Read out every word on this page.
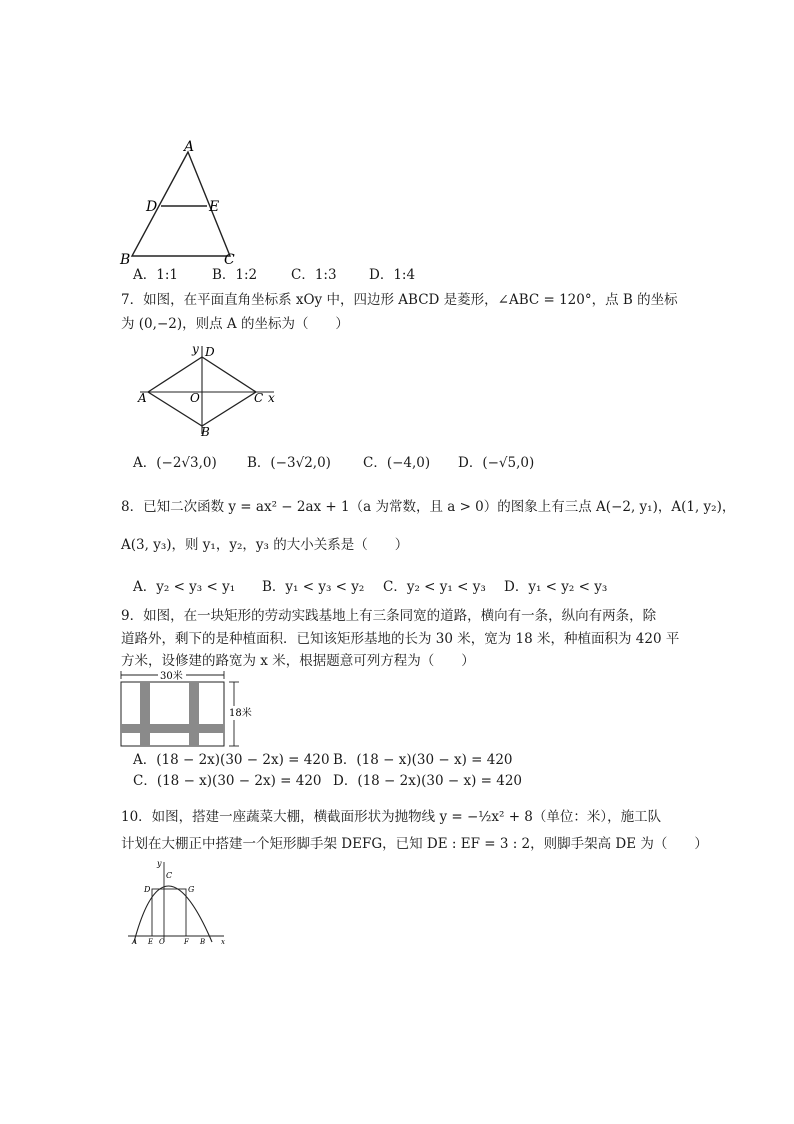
A
D	E
B	C
A．1:1	B．1:2	C．1:3 D．1:4
7．如图，在平面直角坐标系 xOy 中，四边形 ABCD 是菱形，∠ABC = 120°，点 B 的坐标
为 (0,−2)，则点 A 的坐标为（　　）
y D
A	O	C x
B
A．(−2√3,0) B．(−3√2,0) C．(−4,0) D．(−√5,0)
8．已知二次函数 y = ax² − 2ax + 1（a 为常数，且 a > 0）的图象上有三点 A(−2, y₁)，A(1, y₂)，
A(3, y₃)，则 y₁，y₂，y₃ 的大小关系是（　　）
A．y₂ < y₃ < y₁ B．y₁ < y₃ < y₂ C．y₂ < y₁ < y₃ D．y₁ < y₂ < y₃
9．如图，在一块矩形的劳动实践基地上有三条同宽的道路，横向有一条，纵向有两条，除
道路外，剩下的是种植面积．已知该矩形基地的长为 30 米，宽为 18 米，种植面积为 420 平
方米，设修建的路宽为 x 米，根据题意可列方程为（　　）
30米
18米
A．(18 − 2x)(30 − 2x) = 420 B．(18 − x)(30 − x) = 420
C．(18 − x)(30 − 2x) = 420 D．(18 − 2x)(30 − x) = 420
10．如图，搭建一座蔬菜大棚，横截面形状为抛物线 y = −½x² + 8（单位：米），施工队
计划在大棚正中搭建一个矩形脚手架 DEFG，已知 DE : EF = 3 : 2，则脚手架高 DE 为（　　）
y
C
D	G
A E O	F B x
